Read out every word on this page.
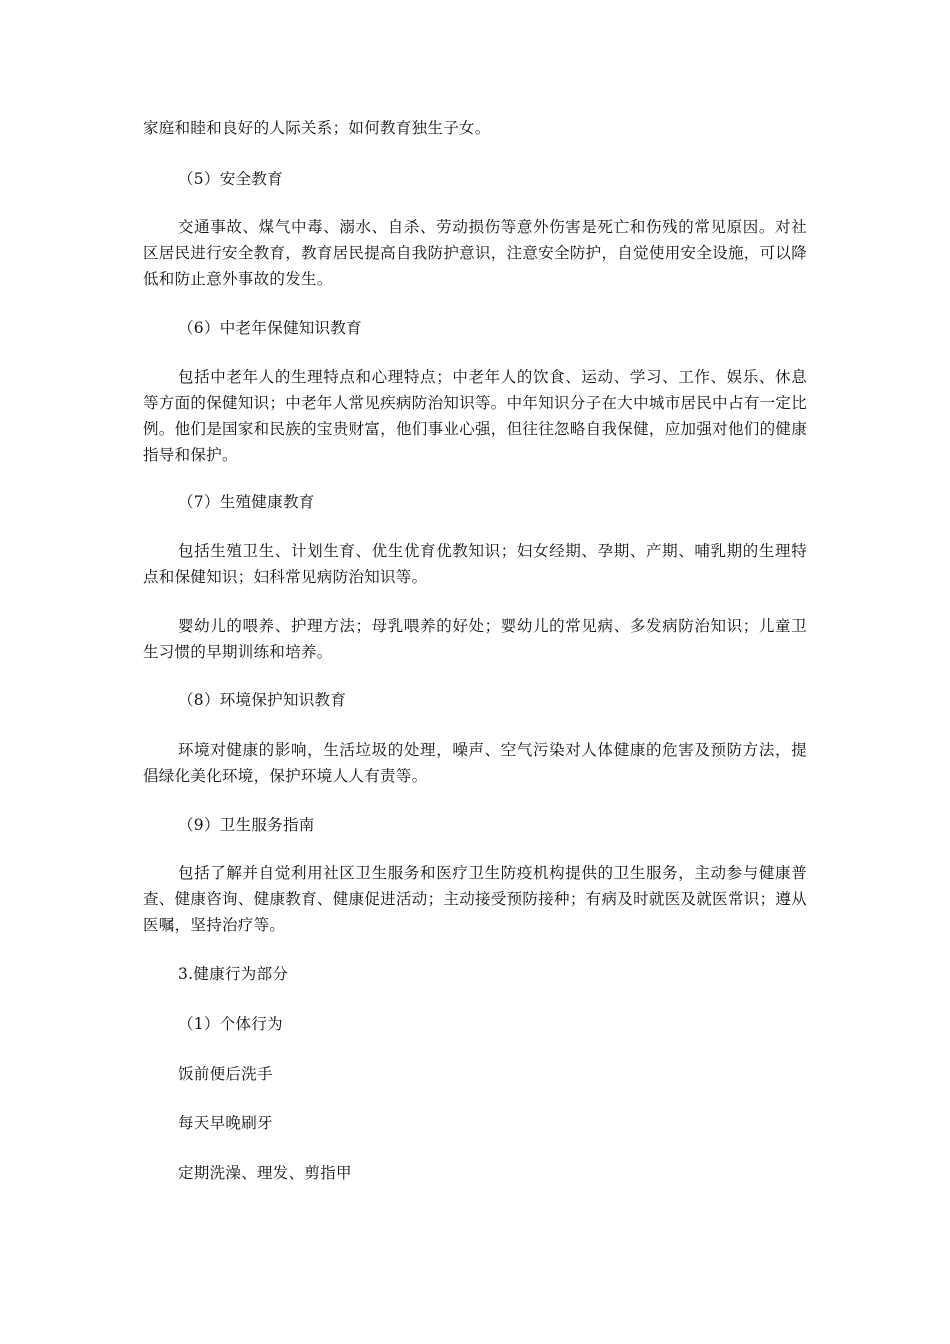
家庭和睦和良好的人际关系；如何教育独生子女。
（5）安全教育
交通事故、煤气中毒、溺水、自杀、劳动损伤等意外伤害是死亡和伤残的常见原因。对社区居民进行安全教育，教育居民提高自我防护意识，注意安全防护，自觉使用安全设施，可以降低和防止意外事故的发生。
（6）中老年保健知识教育
包括中老年人的生理特点和心理特点；中老年人的饮食、运动、学习、工作、娱乐、休息等方面的保健知识；中老年人常见疾病防治知识等。中年知识分子在大中城市居民中占有一定比例。他们是国家和民族的宝贵财富，他们事业心强，但往往忽略自我保健，应加强对他们的健康指导和保护。
（7）生殖健康教育
包括生殖卫生、计划生育、优生优育优教知识；妇女经期、孕期、产期、哺乳期的生理特点和保健知识；妇科常见病防治知识等。
婴幼儿的喂养、护理方法；母乳喂养的好处；婴幼儿的常见病、多发病防治知识；儿童卫生习惯的早期训练和培养。
（8）环境保护知识教育
环境对健康的影响，生活垃圾的处理，噪声、空气污染对人体健康的危害及预防方法，提倡绿化美化环境，保护环境人人有责等。
（9）卫生服务指南
包括了解并自觉利用社区卫生服务和医疗卫生防疫机构提供的卫生服务，主动参与健康普查、健康咨询、健康教育、健康促进活动；主动接受预防接种；有病及时就医及就医常识；遵从医嘱，坚持治疗等。
3.健康行为部分
（1）个体行为
饭前便后洗手
每天早晚刷牙
定期洗澡、理发、剪指甲
